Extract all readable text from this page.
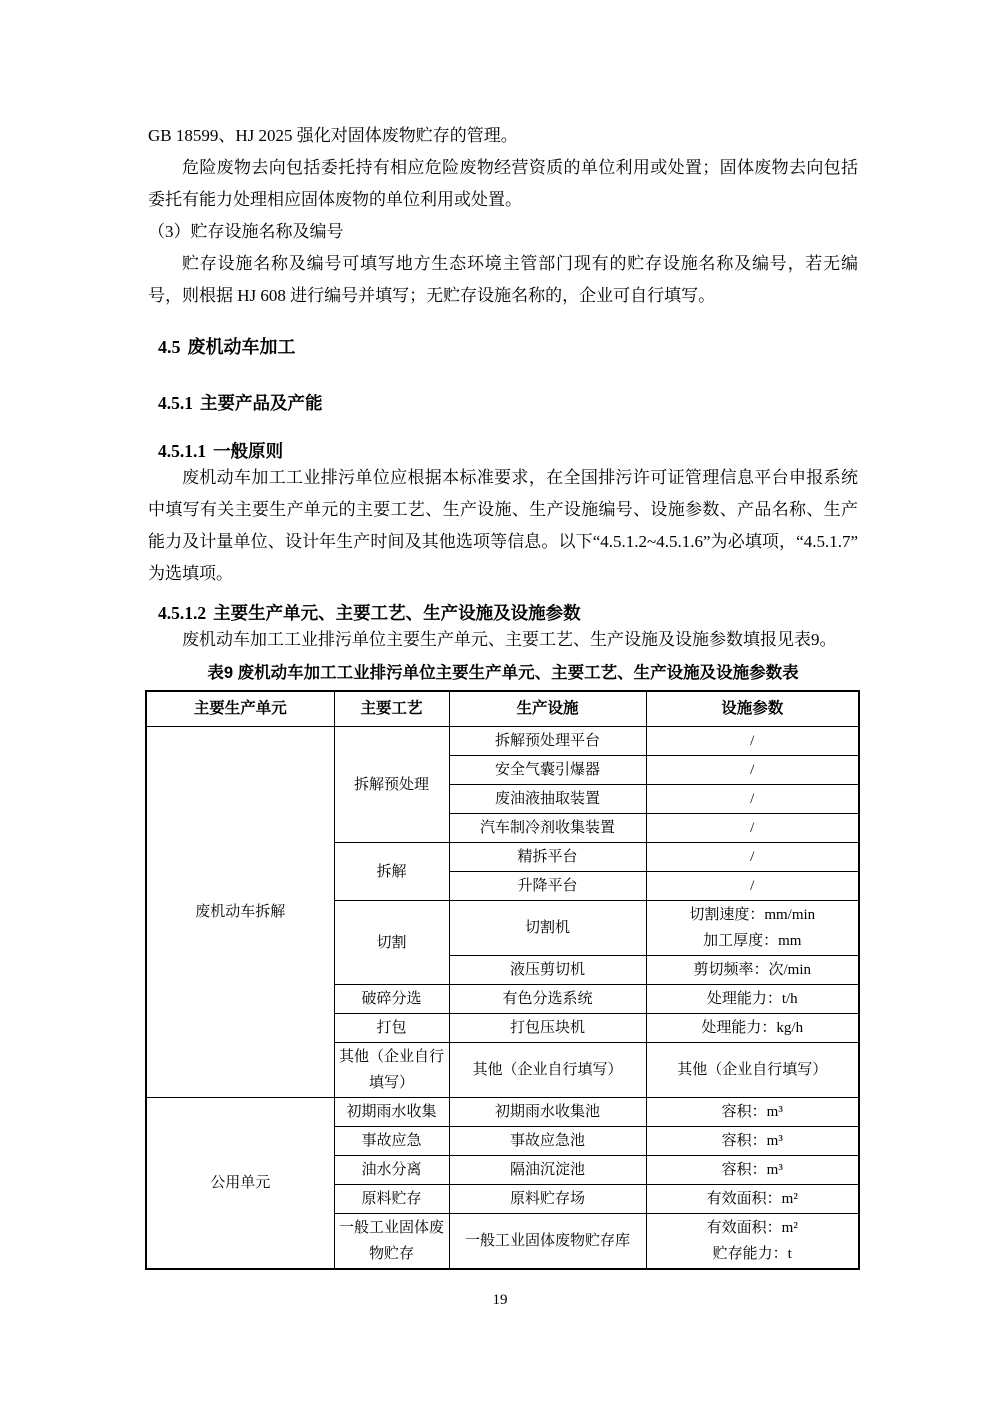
GB 18599、HJ 2025 强化对固体废物贮存的管理。

危险废物去向包括委托持有相应危险废物经营资质的单位利用或处置；固体废物去向包括委托有能力处理相应固体废物的单位利用或处置。

（3）贮存设施名称及编号

贮存设施名称及编号可填写地方生态环境主管部门现有的贮存设施名称及编号，若无编号，则根据 HJ 608 进行编号并填写；无贮存设施名称的，企业可自行填写。

4.5 废机动车加工
4.5.1 主要产品及产能
4.5.1.1 一般原则

废机动车加工工业排污单位应根据本标准要求，在全国排污许可证管理信息平台申报系统中填写有关主要生产单元的主要工艺、生产设施、生产设施编号、设施参数、产品名称、生产能力及计量单位、设计年生产时间及其他选项等信息。以下“4.5.1.2~4.5.1.6”为必填项，“4.5.1.7”为选填项。

4.5.1.2 主要生产单元、主要工艺、生产设施及设施参数

废机动车加工工业排污单位主要生产单元、主要工艺、生产设施及设施参数填报见表9。

表9 废机动车加工工业排污单位主要生产单元、主要工艺、生产设施及设施参数表
主要生产单元	主要工艺	生产设施	设施参数
废机动车拆解	拆解预处理	拆解预处理平台	/

		安全气囊引爆器	/

		废油液抽取装置	/

		汽车制冷剂收集装置	/

	拆解	精拆平台	/

		升降平台	/

	切割	切割机	切割速度：mm/min
加工厚度：mm

		液压剪切机	剪切频率：次/min

	破碎分选	有色分选系统	处理能力：t/h

	打包	打包压块机	处理能力：kg/h

	其他（企业自行填写）	其他（企业自行填写）	其他（企业自行填写）

公用单元	初期雨水收集	初期雨水收集池	容积：m³

	事故应急	事故应急池	容积：m³

	油水分离	隔油沉淀池	容积：m³

	原料贮存	原料贮存场	有效面积：m²

	一般工业固体废物贮存	一般工业固体废物贮存库	有效面积：m²
贮存能力：t
19
